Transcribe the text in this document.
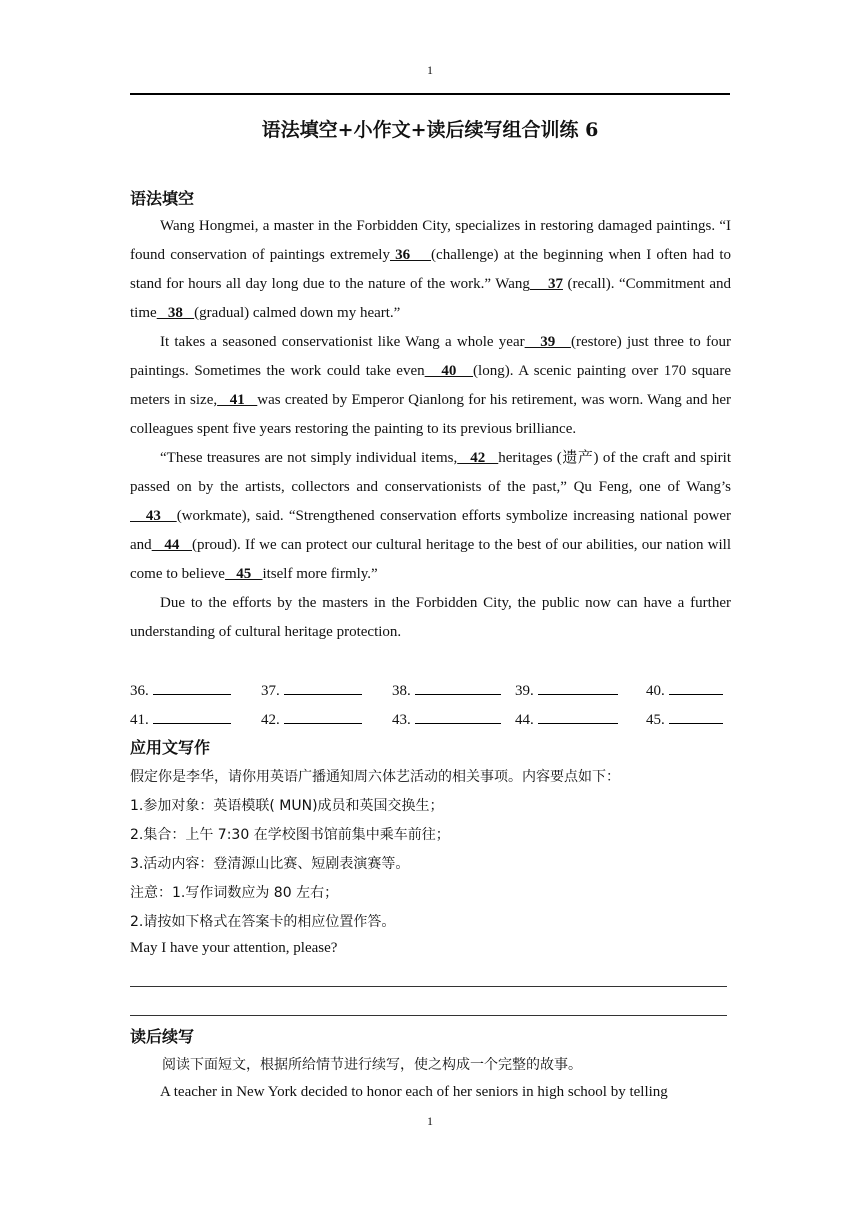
1
语法填空+小作文+读后续写组合训练 6
语法填空

Wang Hongmei, a master in the Forbidden City, specializes in restoring damaged paintings. “I found conservation of paintings extremely 36    (challenge) at the beginning when I often had to stand for hours all day long due to the nature of the work.” Wang    37 (recall). “Commitment and time   38   (gradual) calmed down my heart.”

It takes a seasoned conservationist like Wang a whole year   39   (restore) just three to four paintings. Sometimes the work could take even   40   (long). A scenic painting over 170 square meters in size,   41   was created by Emperor Qianlong for his retirement, was worn. Wang and her colleagues spent five years restoring the painting to its previous brilliance.

“These treasures are not simply individual items,   42   heritages (遗产) of the craft and spirit passed on by the artists, collectors and conservationists of the past,” Qu Feng, one of Wang’s    43   (workmate), said. “Strengthened conservation efforts symbolize increasing national power and   44   (proud). If we can protect our cultural heritage to the best of our abilities, our nation will come to believe   45   itself more firmly.”

Due to the efforts by the masters in the Forbidden City, the public now can have a further understanding of cultural heritage protection.

36.	37.	38.	39.	40.
41.	42.	43.	44.	45.
应用文写作
假定你是李华，请你用英语广播通知周六体艺活动的相关事项。内容要点如下：
1.参加对象：英语模联( MUN)成员和英国交换生；
2.集合：上午 7:30 在学校图书馆前集中乘车前往；
3.活动内容：登清源山比赛、短剧表演赛等。
注意：1.写作词数应为 80 左右；
2.请按如下格式在答案卡的相应位置作答。
May I have your attention, please?
读后续写
阅读下面短文，根据所给情节进行续写，使之构成一个完整的故事。
A teacher in New York decided to honor each of her seniors in high school by telling
1
